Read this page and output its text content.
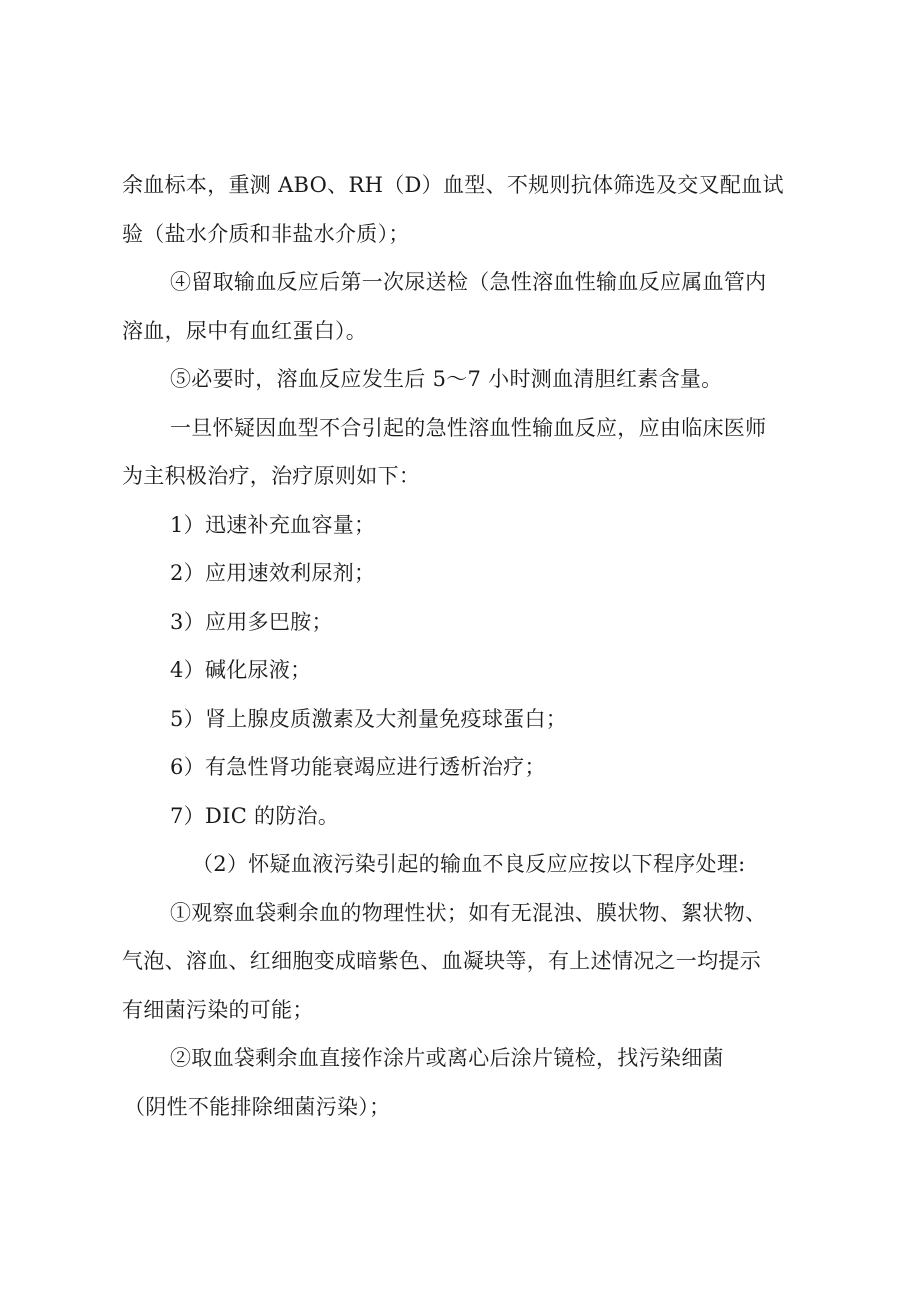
余血标本，重测 ABO、RH（D）血型、不规则抗体筛选及交叉配血试

验（盐水介质和非盐水介质）；

④留取输血反应后第一次尿送检（急性溶血性输血反应属血管内

溶血，尿中有血红蛋白）。

⑤必要时，溶血反应发生后 5～7 小时测血清胆红素含量。

一旦怀疑因血型不合引起的急性溶血性输血反应，应由临床医师

为主积极治疗，治疗原则如下：

1）迅速补充血容量；

2）应用速效利尿剂；

3）应用多巴胺；

4）碱化尿液；

5）肾上腺皮质激素及大剂量免疫球蛋白；

6）有急性肾功能衰竭应进行透析治疗；

7）DIC 的防治。

（2）怀疑血液污染引起的输血不良反应应按以下程序处理:

①观察血袋剩余血的物理性状；如有无混浊、膜状物、絮状物、

气泡、溶血、红细胞变成暗紫色、血凝块等，有上述情况之一均提示

有细菌污染的可能；

②取血袋剩余血直接作涂片或离心后涂片镜检，找污染细菌

（阴性不能排除细菌污染）；
